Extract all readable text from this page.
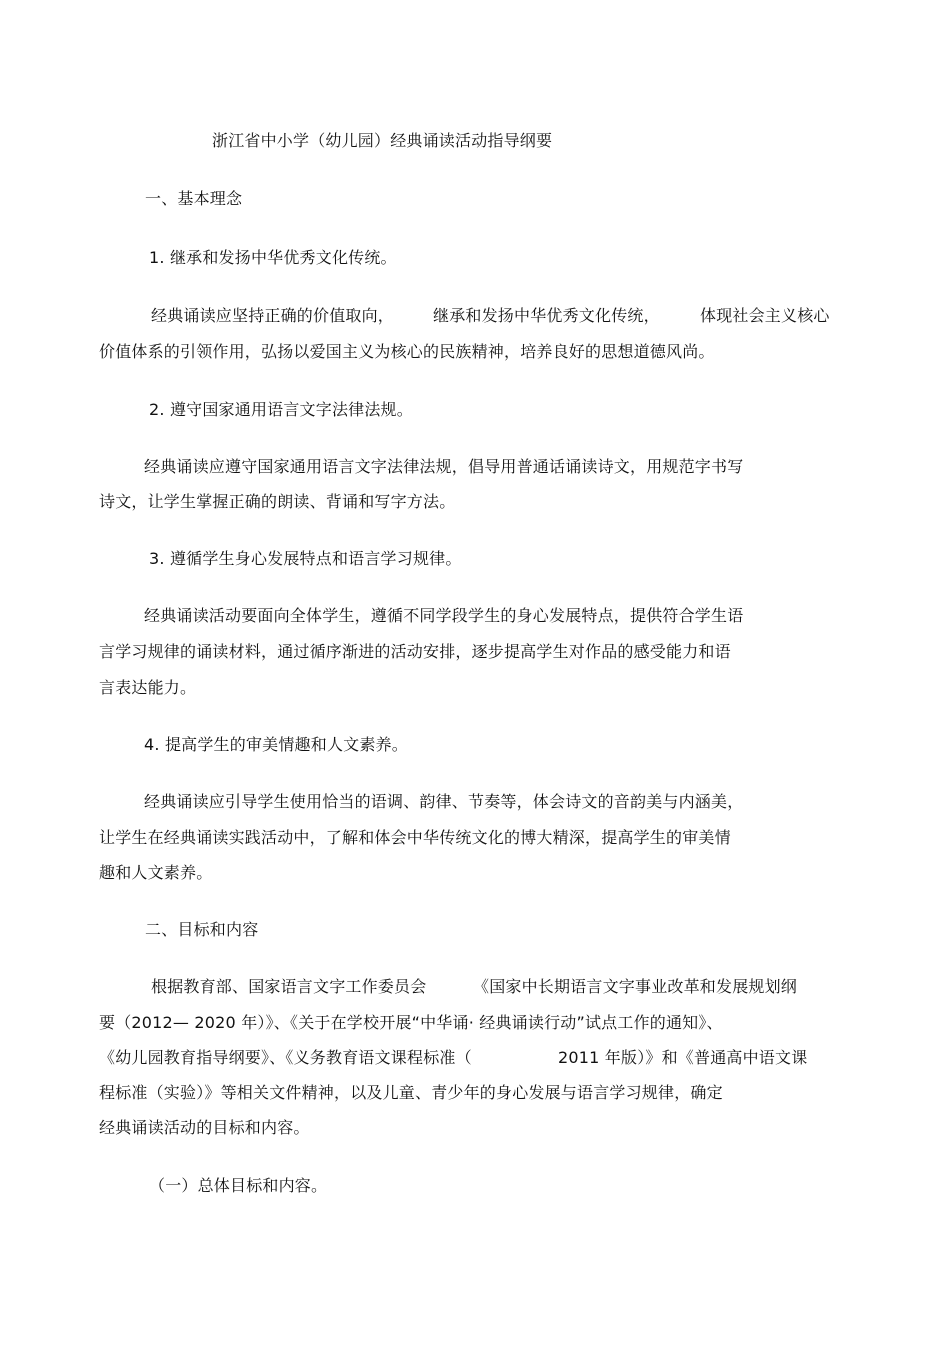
浙江省中小学（幼儿园）经典诵读活动指导纲要
一、基本理念
1. 继承和发扬中华优秀文化传统。
经典诵读应坚持正确的价值取向， 继承和发扬中华优秀文化传统，	体现社会主义核心
价值体系的引领作用，弘扬以爱国主义为核心的民族精神，培养良好的思想道德风尚。
2. 遵守国家通用语言文字法律法规。
经典诵读应遵守国家通用语言文字法律法规，倡导用普通话诵读诗文，用规范字书写
诗文，让学生掌握正确的朗读、背诵和写字方法。
3. 遵循学生身心发展特点和语言学习规律。
经典诵读活动要面向全体学生，遵循不同学段学生的身心发展特点，提供符合学生语
言学习规律的诵读材料，通过循序渐进的活动安排，逐步提高学生对作品的感受能力和语
言表达能力。
4. 提高学生的审美情趣和人文素养。
经典诵读应引导学生使用恰当的语调、韵律、节奏等，体会诗文的音韵美与内涵美，
让学生在经典诵读实践活动中，了解和体会中华传统文化的博大精深，提高学生的审美情
趣和人文素养。
二、目标和内容
根据教育部、国家语言文字工作委员会	《国家中长期语言文字事业改革和发展规划纲
要（2012— 2020 年）》、《关于在学校开展“中华诵· 经典诵读行动”试点工作的通知》、
《幼儿园教育指导纲要》、《义务教育语文课程标准（	2011 年版）》和《普通高中语文课
程标准（实验）》等相关文件精神，以及儿童、青少年的身心发展与语言学习规律，确定
经典诵读活动的目标和内容。
（一）总体目标和内容。
